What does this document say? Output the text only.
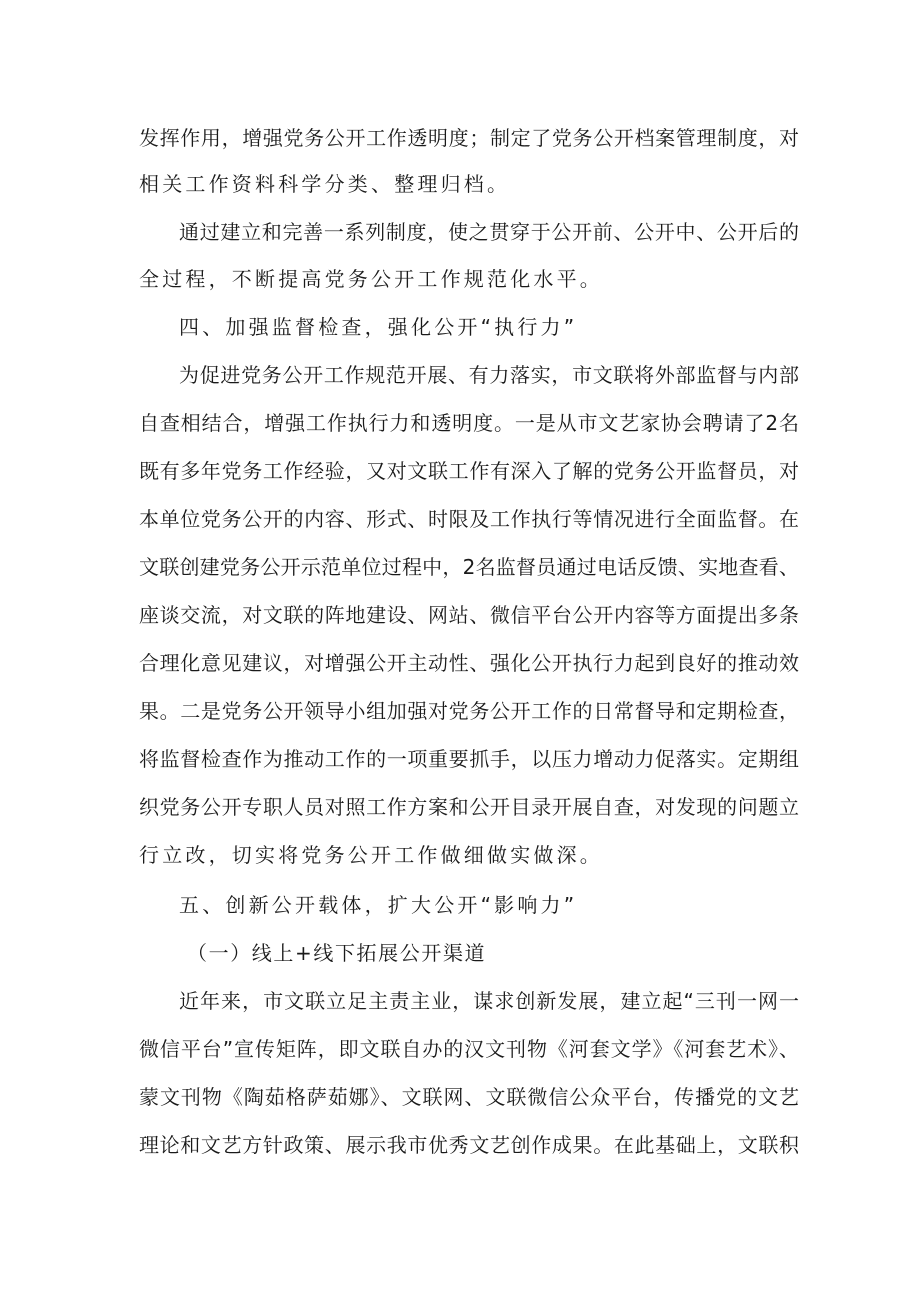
发挥作用，增强党务公开工作透明度；制定了党务公开档案管理制度，对
相关工作资料科学分类、整理归档。
通过建立和完善一系列制度，使之贯穿于公开前、公开中、公开后的
全过程，不断提高党务公开工作规范化水平。
四、加强监督检查，强化公开“执行力”
为促进党务公开工作规范开展、有力落实，市文联将外部监督与内部
自查相结合，增强工作执行力和透明度。一是从市文艺家协会聘请了2名
既有多年党务工作经验，又对文联工作有深入了解的党务公开监督员，对
本单位党务公开的内容、形式、时限及工作执行等情况进行全面监督。在
文联创建党务公开示范单位过程中，2名监督员通过电话反馈、实地查看、
座谈交流，对文联的阵地建设、网站、微信平台公开内容等方面提出多条
合理化意见建议，对增强公开主动性、强化公开执行力起到良好的推动效
果。二是党务公开领导小组加强对党务公开工作的日常督导和定期检查，
将监督检查作为推动工作的一项重要抓手，以压力增动力促落实。定期组
织党务公开专职人员对照工作方案和公开目录开展自查，对发现的问题立
行立改，切实将党务公开工作做细做实做深。
五、创新公开载体，扩大公开“影响力”
（一）线上+线下拓展公开渠道
近年来，市文联立足主责主业，谋求创新发展，建立起“三刊一网一
微信平台”宣传矩阵，即文联自办的汉文刊物《河套文学》《河套艺术》、
蒙文刊物《陶茹格萨茹娜》、文联网、文联微信公众平台，传播党的文艺
理论和文艺方针政策、展示我市优秀文艺创作成果。在此基础上，文联积
